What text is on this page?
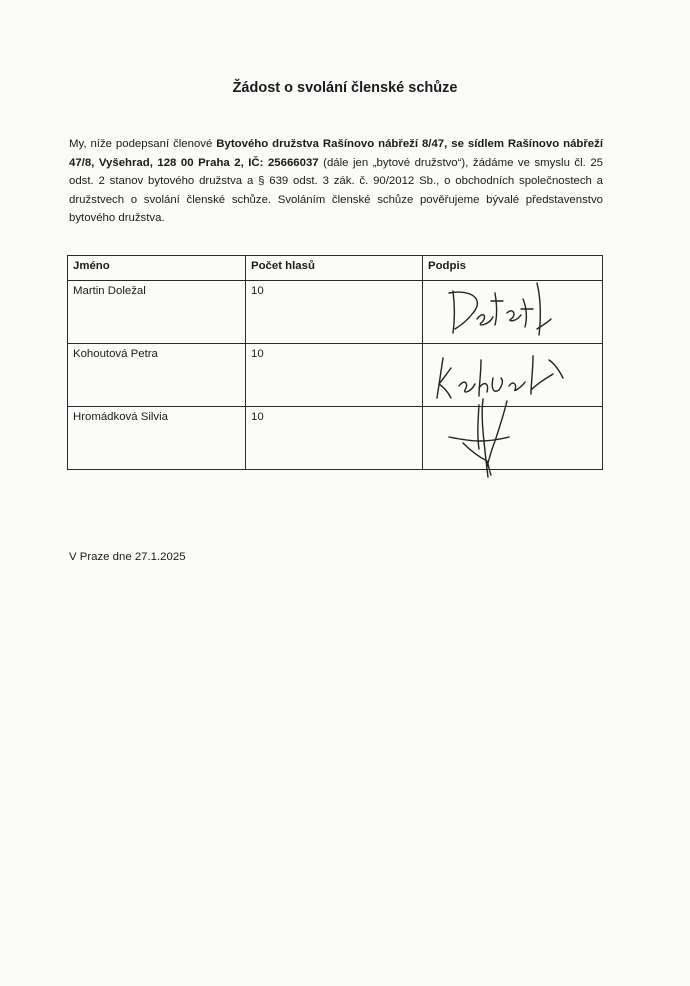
Žádost o svolání členské schůze
My, níže podepsaní členové Bytového družstva Rašínovo nábřeží 8/47, se sídlem Rašínovo nábřeží 47/8, Vyšehrad, 128 00 Praha 2, IČ: 25666037 (dále jen „bytové družstvo“), žádáme ve smyslu čl. 25 odst. 2 stanov bytového družstva a § 639 odst. 3 zák. č. 90/2012 Sb., o obchodních společnostech a družstvech o svolání členské schůze. Svoláním členské schůze pověřujeme bývalé představenstvo bytového družstva.
Jméno	Počet hlasů	Podpis
Martin Doležal	10	

Kohoutová Petra	10	

Hromádková Silvia	10	
V Praze dne 27.1.2025
